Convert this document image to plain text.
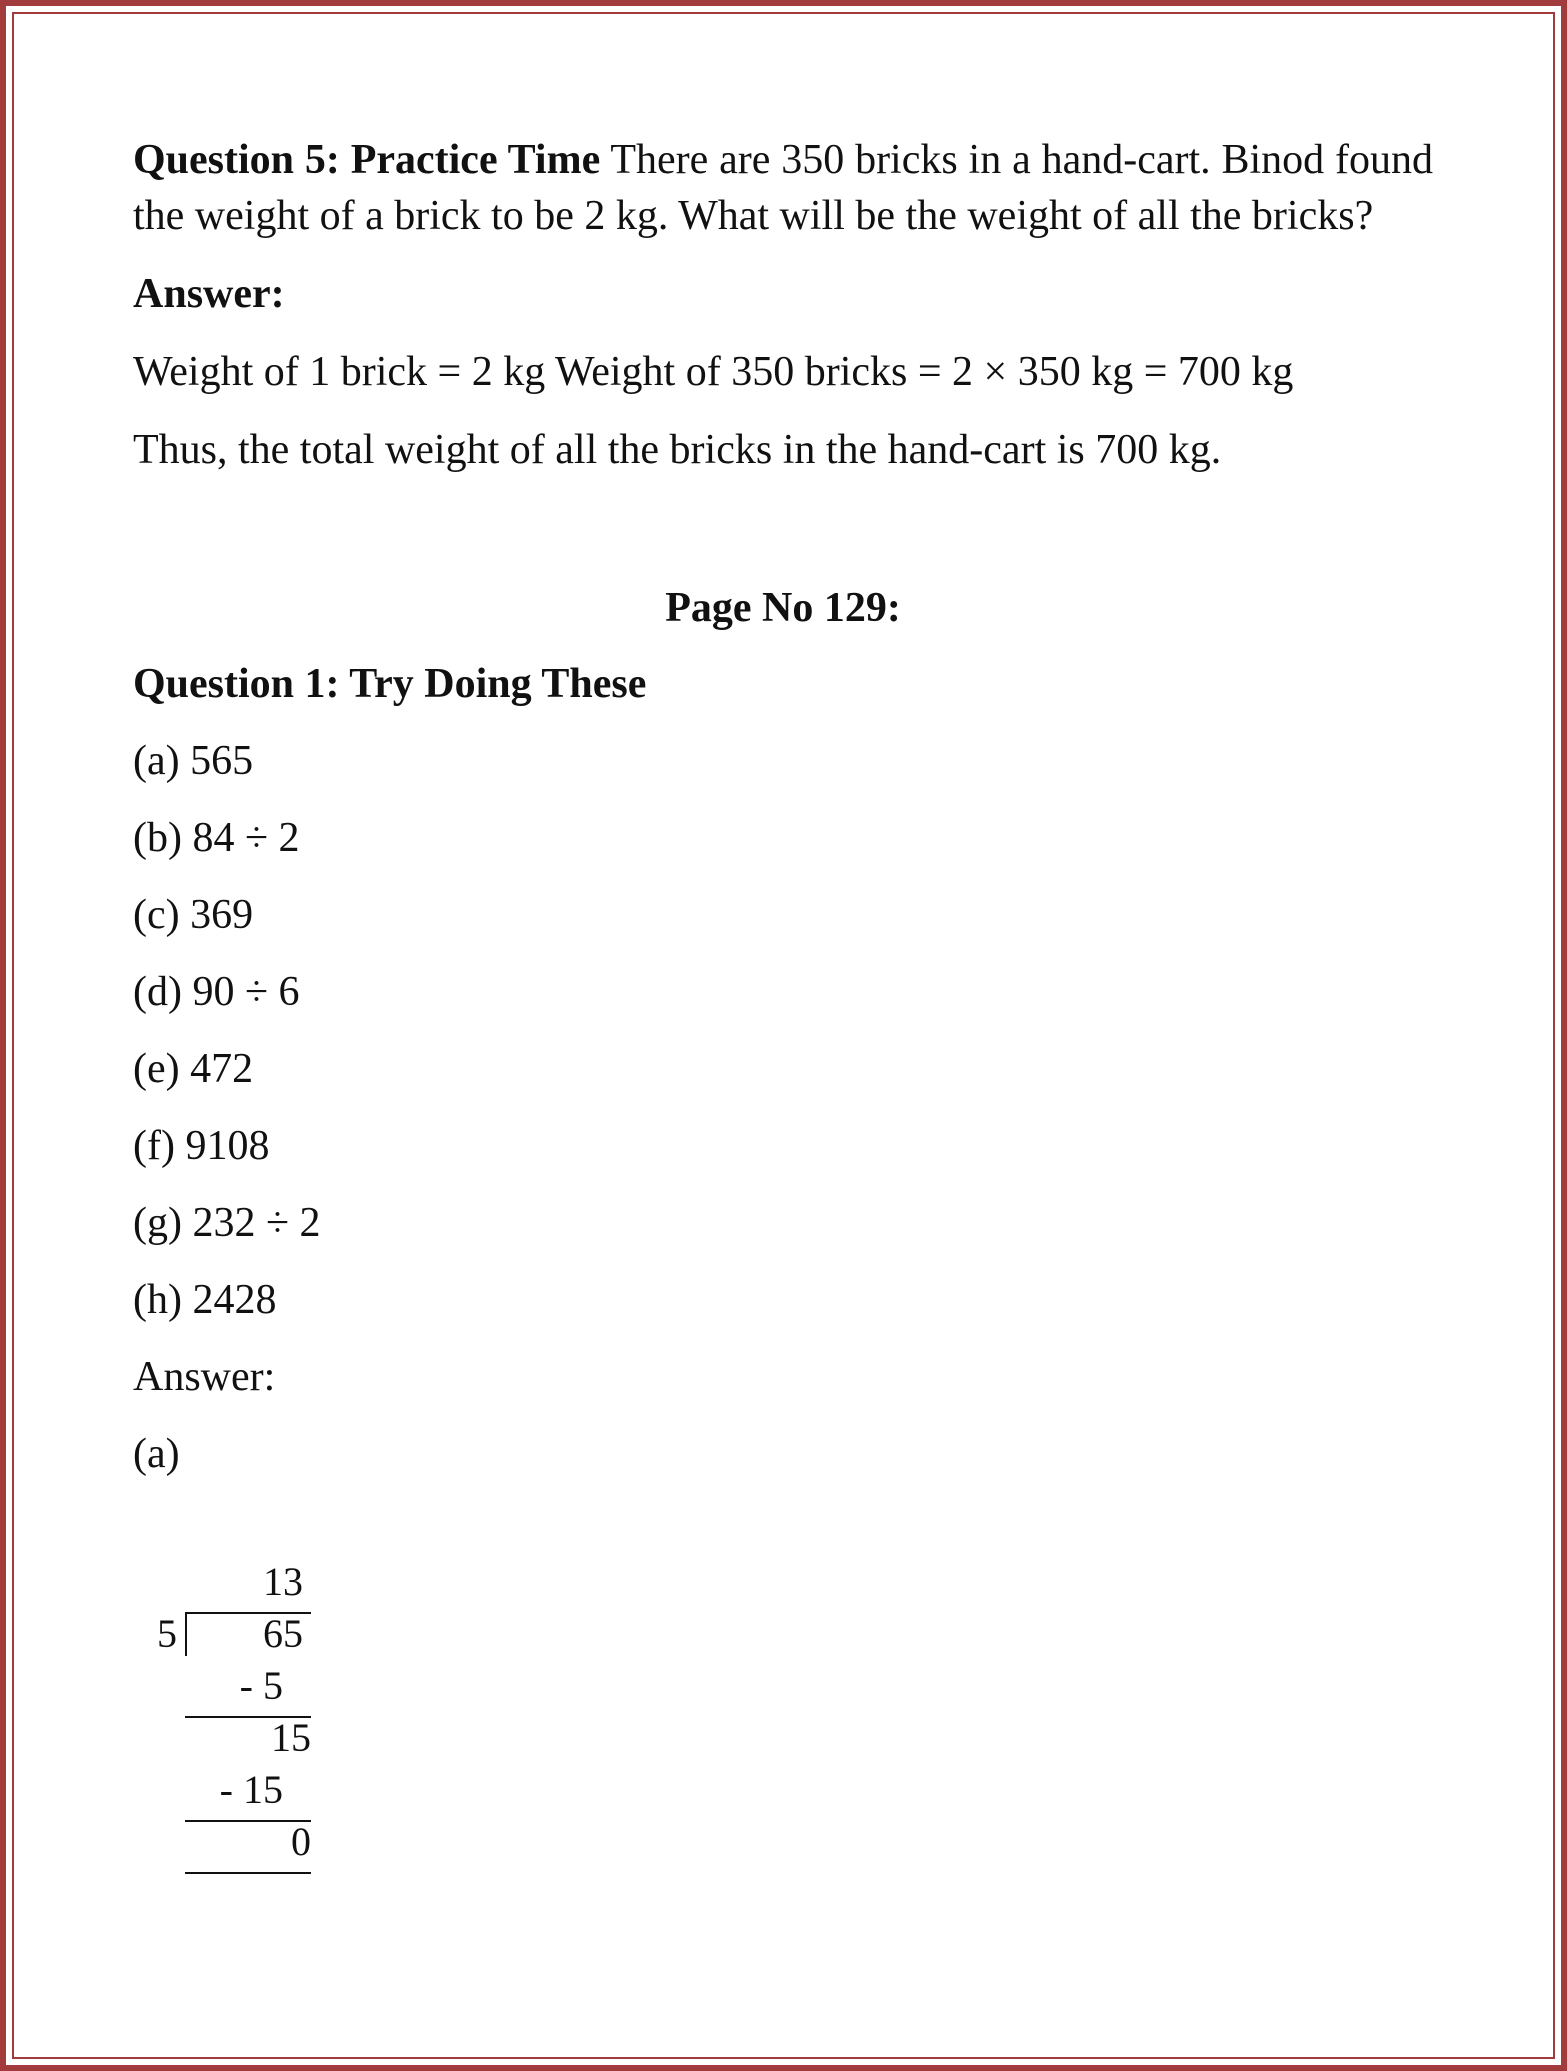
Question 5: Practice Time There are 350 bricks in a hand-cart. Binod found the weight of a brick to be 2 kg. What will be the weight of all the bricks?

Answer:

Weight of 1 brick = 2 kg Weight of 350 bricks = 2 × 350 kg = 700 kg

Thus, the total weight of all the bricks in the hand-cart is 700 kg.

Page No 129:

Question 1: Try Doing These

(a) 565

(b) 84 ÷ 2

(c) 369

(d) 90 ÷ 6

(e) 472

(f) 9108

(g) 232 ÷ 2

(h) 2428

Answer:

(a)

13
5	65
- 5
15
- 15
0
